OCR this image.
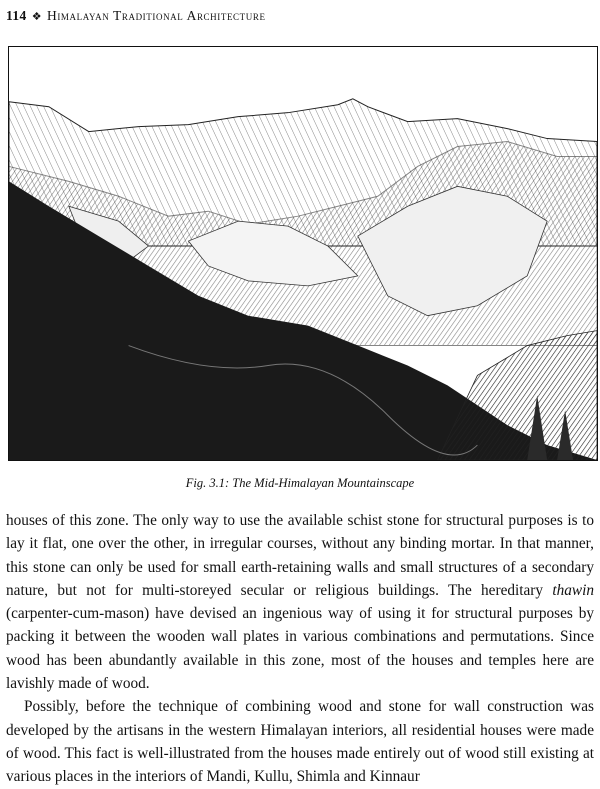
114 ❖ Himalayan Traditional Architecture
Fig. 3.1: The Mid-Himalayan Mountainscape

houses of this zone. The only way to use the available schist stone for structural purposes is to lay it flat, one over the other, in irregular courses, without any binding mortar. In that manner, this stone can only be used for small earth-retaining walls and small structures of a secondary nature, but not for multi-storeyed secular or religious buildings. The hereditary thawin (carpenter-cum-mason) have devised an ingenious way of using it for structural purposes by packing it between the wooden wall plates in various combinations and permutations. Since wood has been abundantly available in this zone, most of the houses and temples here are lavishly made of wood.

Possibly, before the technique of combining wood and stone for wall construction was developed by the artisans in the western Himalayan interiors, all residential houses were made of wood. This fact is well-illustrated from the houses made entirely out of wood still existing at various places in the interiors of Mandi, Kullu, Shimla and Kinnaur
